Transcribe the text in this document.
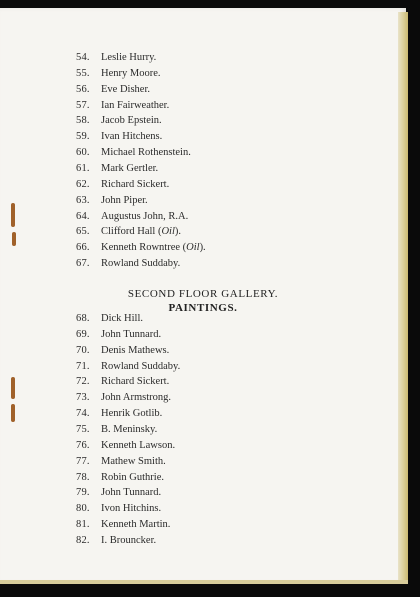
54. Leslie Hurry.
55. Henry Moore.
56. Eve Disher.
57. Ian Fairweather.
58. Jacob Epstein.
59. Ivan Hitchens.
60. Michael Rothenstein.
61. Mark Gertler.
62. Richard Sickert.
63. John Piper.
64. Augustus John, R.A.
65. Clifford Hall (Oil).
66. Kenneth Rowntree (Oil).
67. Rowland Suddaby.
SECOND FLOOR GALLERY.
PAINTINGS.
68. Dick Hill.
69. John Tunnard.
70. Denis Mathews.
71. Rowland Suddaby.
72. Richard Sickert.
73. John Armstrong.
74. Henrik Gotlib.
75. B. Meninsky.
76. Kenneth Lawson.
77. Mathew Smith.
78. Robin Guthrie.
79. John Tunnard.
80. Ivon Hitchins.
81. Kenneth Martin.
82. I. Brouncker.
